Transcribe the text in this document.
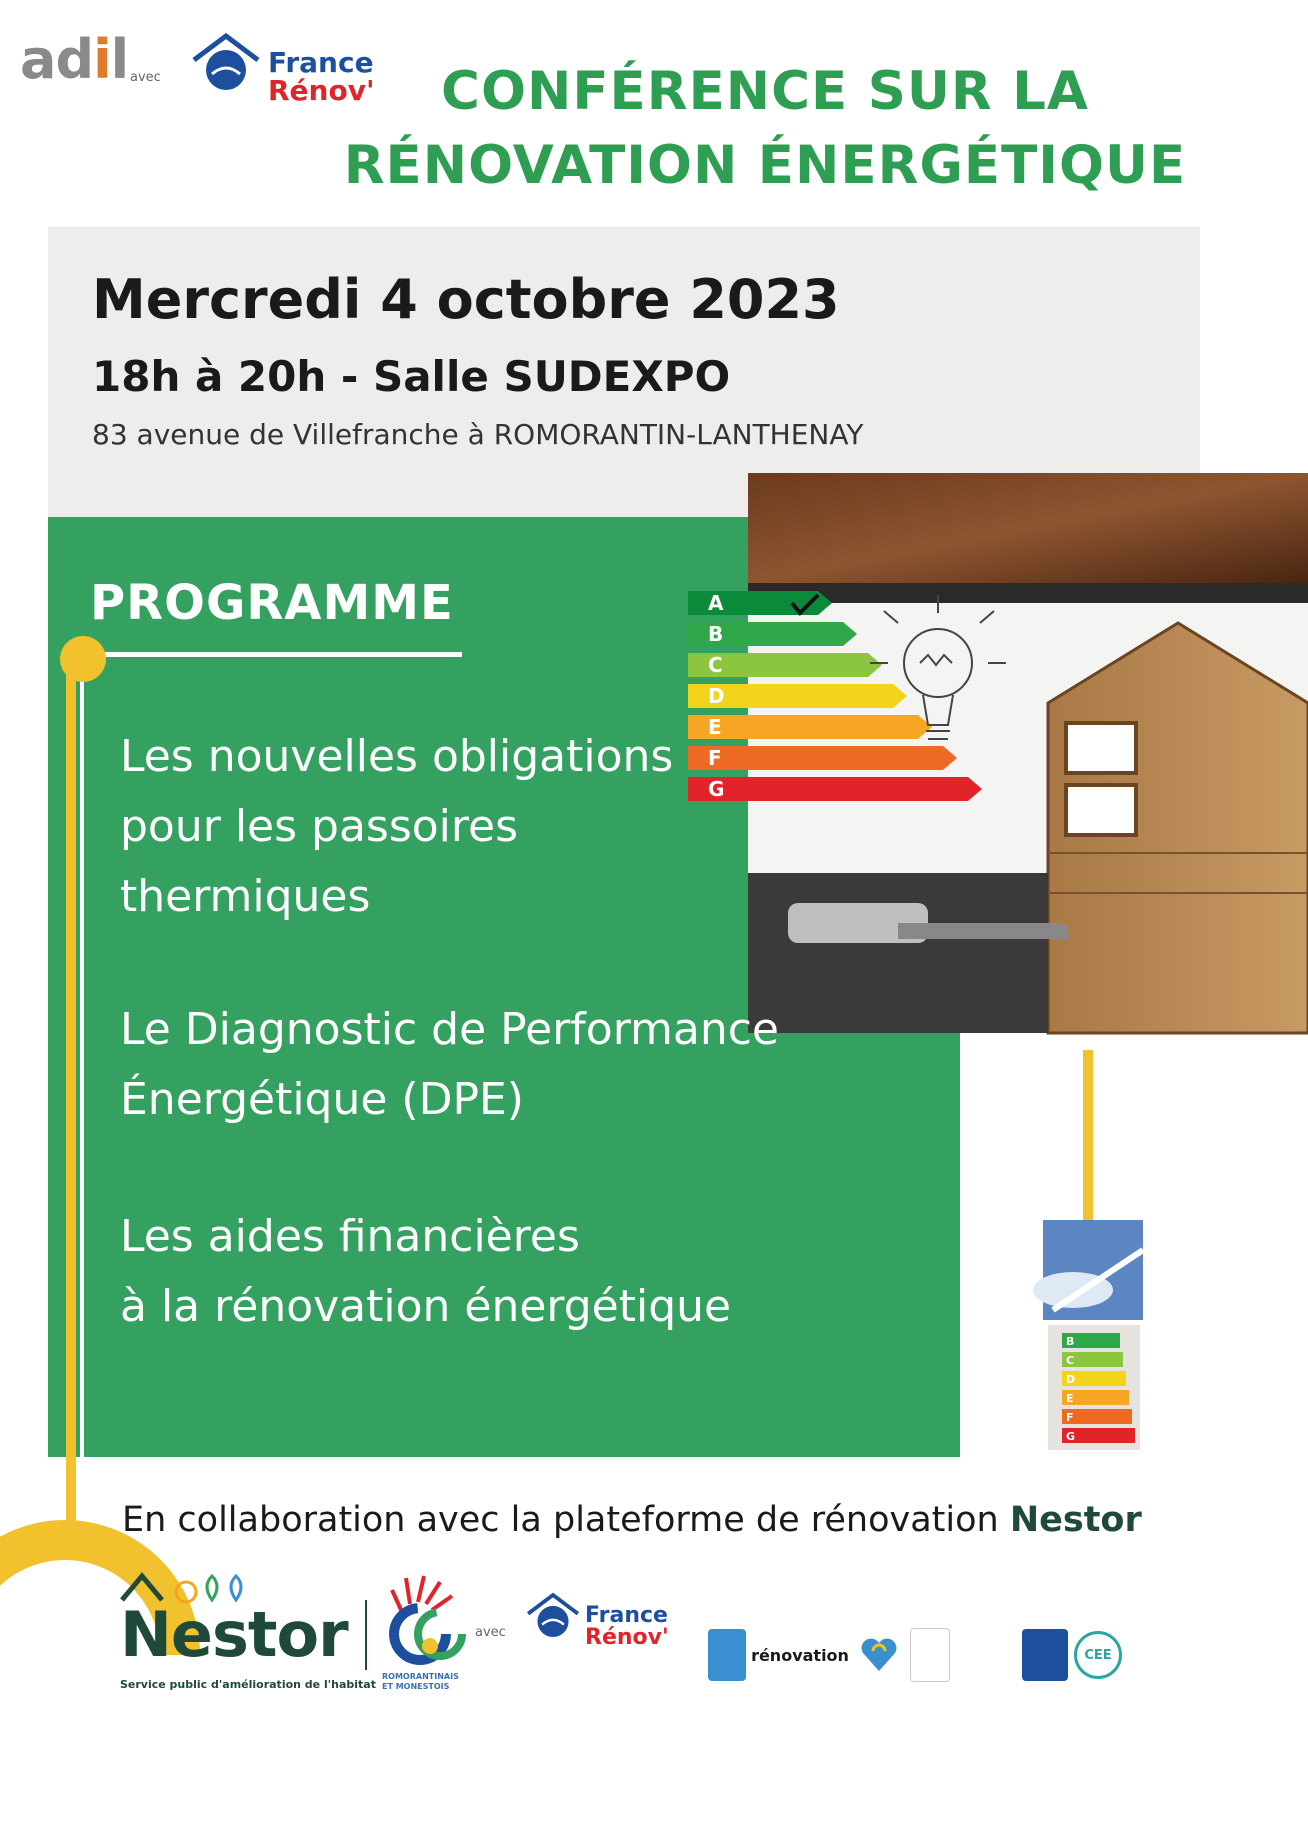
adil avec	France
Rénov'	CONFÉRENCE SUR LA
RÉNOVATION ÉNERGÉTIQUE
Mercredi 4 octobre 2023
18h à 20h - Salle SUDEXPO
83 avenue de Villefranche à ROMORANTIN-LANTHENAY
A
B
C
D
E
F
G
PROGRAMME
Les nouvelles obligations
pour les passoires
thermiques
Le Diagnostic de Performance
Énergétique (DPE)
Les aides financières
à la rénovation énergétique
B
C
D
E
F
G
En collaboration avec la plateforme de rénovation Nestor
Nestor
Service public d'amélioration de l'habitat
ROMORANTINAIS
ET MONESTOIS
avec
France
Rénov'
rénovation	CEE
